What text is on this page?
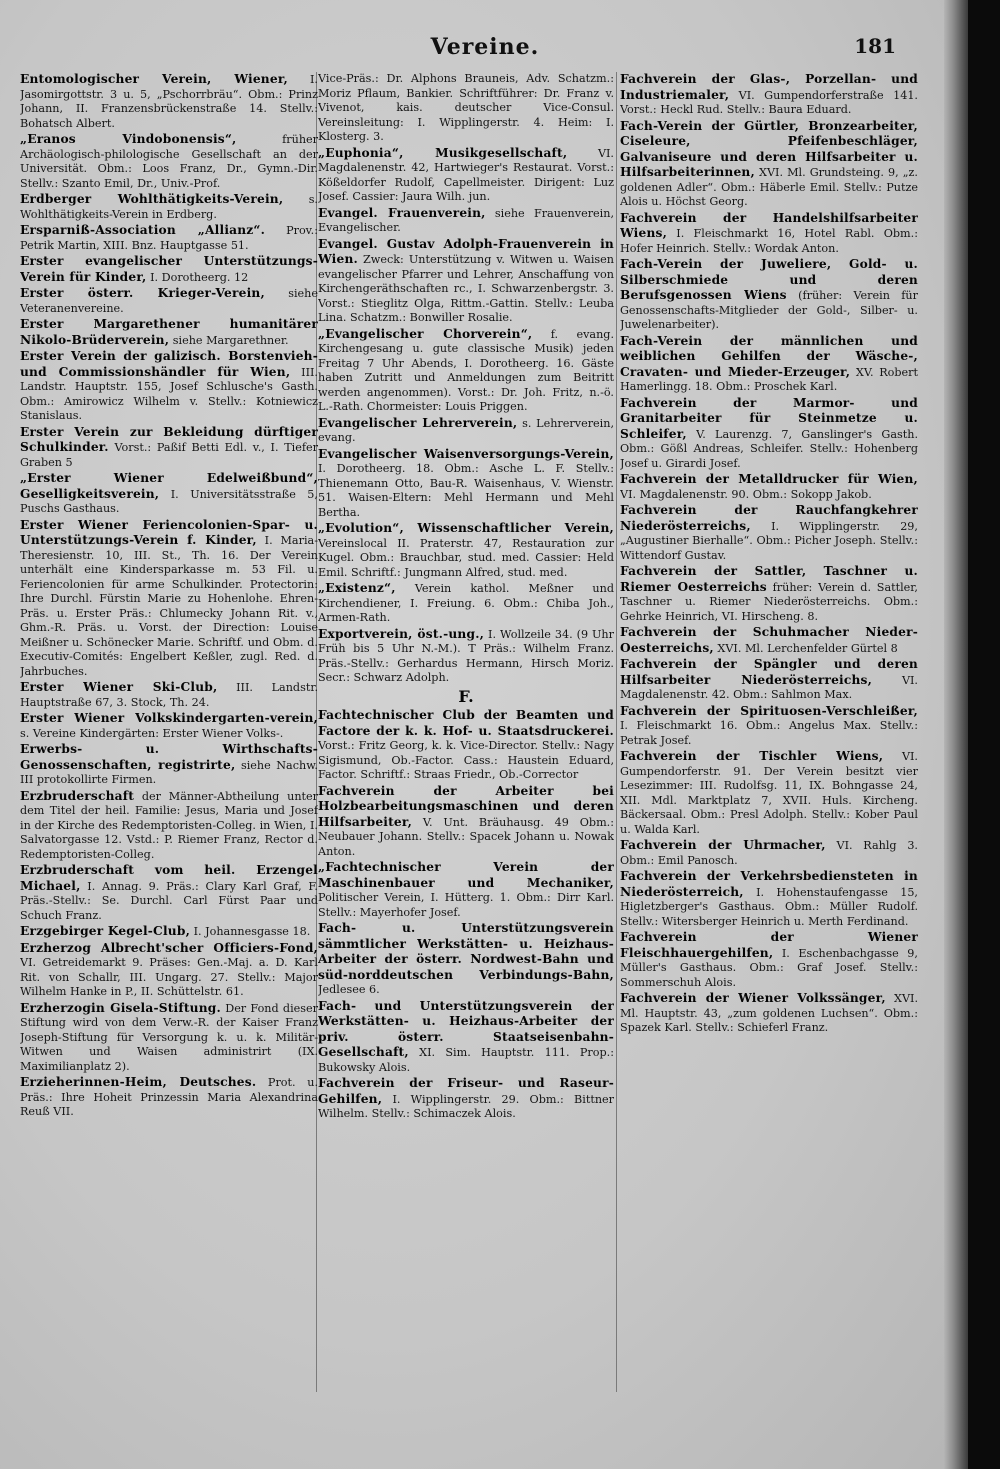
Vereine.	181
Entomologischer Verein, Wiener, I. Jasomirgottstr. 3 u. 5, „Pschorrbräu“. Obm.: Prinz Johann, II. Franzensbrückenstraße 14. Stellv.: Bohatsch Albert.
„Eranos Vindobonensis“,	früher Archäologisch-philologische Gesellschaft an der Universität. Obm.: Loos Franz, Dr., Gymn.-Dir. Stellv.: Szanto Emil, Dr., Univ.-Prof.
Erdberger Wohlthätigkeits-Verein, s. Wohlthätigkeits-Verein in Erdberg.
Ersparniß-Association „Allianz“. Prov.: Petrik Martin, XIII. Bnz. Hauptgasse 51.
Erster evangelischer Unterstützungs-Verein für Kinder, I. Dorotheerg. 12
Erster österr. Krieger-Verein, siehe Veteranenvereine.
Erster Margarethener humanitärer Nikolo-Brüderverein, siehe Margarethner.
Erster Verein der galizisch. Borstenvieh- und Commissionshändler für Wien, III. Landstr. Hauptstr. 155, Josef Schlusche's Gasth. Obm.: Amirowicz Wilhelm v. Stellv.: Kotniewicz Stanislaus.
Erster Verein zur Bekleidung dürftiger Schulkinder. Vorst.: Paßif Betti Edl. v., I. Tiefer Graben 5
„Erster Wiener Edelweißbund“, Geselligkeitsverein, I. Universitätsstraße 5, Puschs Gasthaus.
Erster Wiener Feriencolonien-Spar- u. Unterstützungs-Verein f. Kinder, I. Maria-Theresienstr. 10, III. St., Th. 16. Der Verein unterhält eine Kindersparkasse m. 53 Fil. u. Feriencolonien für arme Schulkinder. Protectorin: Ihre Durchl. Fürstin Marie zu Hohenlohe. Ehren-Präs. u. Erster Präs.: Chlumecky Johann Rit. v., Ghm.-R. Präs. u. Vorst. der Direction: Louise Meißner u. Schönecker Marie. Schriftf. und Obm. d. Executiv-Comités: Engelbert Keßler, zugl. Red. d. Jahrbuches.
Erster Wiener Ski-Club, III. Landstr. Hauptstraße 67, 3. Stock, Th. 24.
Erster Wiener Volkskindergarten-verein, s. Vereine Kindergärten: Erster Wiener Volks-.
Erwerbs- u. Wirthschafts-Genossenschaften, registrirte, siehe Nachw. III protokollirte Firmen.
Erzbruderschaft der Männer-Abtheilung unter dem Titel der heil. Familie: Jesus, Maria und Josef in der Kirche des Redemptoristen-Colleg. in Wien, I. Salvatorgasse 12. Vstd.: P. Riemer Franz, Rector d. Redemptoristen-Colleg.
Erzbruderschaft vom heil. Erzengel Michael, I. Annag. 9. Präs.: Clary Karl Graf, F. Präs.-Stellv.: Se. Durchl. Carl Fürst Paar und Schuch Franz.
Erzgebirger Kegel-Club, I. Johannesgasse 18.
Erzherzog Albrecht'scher Officiers-Fond, VI. Getreidemarkt 9. Präses: Gen.-Maj. a. D. Karl Rit. von Schallr, III. Ungarg. 27. Stellv.: Major Wilhelm Hanke in P., II. Schüttelstr. 61.
Erzherzogin Gisela-Stiftung. Der Fond dieser Stiftung wird von dem Verw.-R. der Kaiser Franz Joseph-Stiftung für Versorgung k. u. k. Militär-Witwen und Waisen administrirt (IX. Maximilianplatz 2).
Erzieherinnen-Heim, Deutsches. Prot. u. Präs.: Ihre Hoheit Prinzessin Maria Alexandrina Reuß VII.
Vice-Präs.: Dr. Alphons Brauneis, Adv. Schatzm.: Moriz Pflaum, Bankier. Schriftführer: Dr. Franz v. Vivenot, kais. deutscher Vice-Consul. Vereinsleitung: I. Wipplingerstr. 4. Heim: I. Klosterg. 3.
„Euphonia“, Musikgesellschaft,	VI. Magdalenenstr. 42, Hartwieger's Restaurat. Vorst.: Kößeldorfer Rudolf, Capellmeister. Dirigent: Luz Josef. Cassier: Jaura Wilh. jun.
Evangel. Frauenverein, siehe Frauenverein, Evangelischer.
Evangel. Gustav Adolph-Frauenverein in Wien. Zweck: Unterstützung v. Witwen u. Waisen evangelischer Pfarrer und Lehrer, Anschaffung von Kirchengeräthschaften rc., I. Schwarzenbergstr. 3. Vorst.: Stieglitz Olga, Rittm.-Gattin. Stellv.: Leuba Lina. Schatzm.: Bonwiller Rosalie.
„Evangelischer Chorverein“, f. evang. Kirchengesang u. gute classische Musik) jeden Freitag 7 Uhr Abends, I. Dorotheerg. 16. Gäste haben Zutritt und Anmeldungen zum Beitritt werden angenommen). Vorst.: Dr. Joh. Fritz, n.-ö. L.-Rath. Chormeister: Louis Priggen.
Evangelischer Lehrerverein, s. Lehrerverein, evang.
Evangelischer Waisenversorgungs-Verein, I. Dorotheerg. 18. Obm.: Asche L. F. Stellv.: Thienemann Otto, Bau-R. Waisenhaus, V. Wienstr. 51. Waisen-Eltern: Mehl Hermann und Mehl Bertha.
„Evolution“, Wissenschaftlicher Verein, Vereinslocal II. Praterstr. 47, Restauration zur Kugel. Obm.: Brauchbar, stud. med. Cassier: Held Emil. Schriftf.: Jungmann Alfred, stud. med.
„Existenz“, Verein kathol. Meßner und Kirchendiener, I. Freiung. 6. Obm.: Chiba Joh., Armen-Rath.
Exportverein, öst.-ung., I. Wollzeile 34. (9 Uhr Früh bis 5 Uhr N.-M.). T Präs.: Wilhelm Franz. Präs.-Stellv.: Gerhardus Hermann, Hirsch Moriz. Secr.: Schwarz Adolph.
F.
Fachtechnischer Club der Beamten und Factore der k. k. Hof- u. Staatsdruckerei. Vorst.: Fritz Georg, k. k. Vice-Director. Stellv.: Nagy Sigismund, Ob.-Factor. Cass.: Haustein Eduard, Factor. Schriftf.: Straas Friedr., Ob.-Corrector
Fachverein der Arbeiter bei Holzbearbeitungsmaschinen und deren Hilfsarbeiter, V. Unt. Bräuhausg. 49 Obm.: Neubauer Johann. Stellv.: Spacek Johann u. Nowak Anton.
„Fachtechnischer Verein der Maschinenbauer und Mechaniker, Politischer Verein, I. Hütterg. 1. Obm.: Dirr Karl. Stellv.: Mayerhofer Josef.
Fach- u. Unterstützungsverein sämmtlicher Werkstätten- u. Heizhaus-Arbeiter der österr. Nordwest-Bahn und süd-norddeutschen Verbindungs-Bahn, Jedlesee 6.
Fach- und Unterstützungsverein der Werkstätten- u. Heizhaus-Arbeiter der priv. österr. Staatseisenbahn-Gesellschaft, XI. Sim. Hauptstr. 111. Prop.: Bukowsky Alois.
Fachverein der Friseur- und Raseur-Gehilfen, I. Wipplingerstr. 29. Obm.: Bittner Wilhelm. Stellv.: Schimaczek Alois.
Fachverein der Glas-, Porzellan- und Industriemaler, VI. Gumpendorferstraße 141. Vorst.: Heckl Rud. Stellv.: Baura Eduard.
Fach-Verein der Gürtler, Bronzearbeiter, Ciseleure, Pfeifenbeschläger, Galvaniseure und deren Hilfsarbeiter u. Hilfsarbeiterinnen, XVI. Ml. Grundsteing. 9, „z. goldenen Adler“. Obm.: Häberle Emil. Stellv.: Putze Alois u. Höchst Georg.
Fachverein der Handelshilfsarbeiter Wiens, I. Fleischmarkt 16, Hotel Rabl. Obm.: Hofer Heinrich. Stellv.: Wordak Anton.
Fach-Verein der Juweliere, Gold- u. Silberschmiede und deren Berufsgenossen Wiens (früher: Verein für Genossenschafts-Mitglieder der Gold-, Silber- u. Juwelenarbeiter).
Fach-Verein der männlichen und weiblichen Gehilfen der Wäsche-, Cravaten- und Mieder-Erzeuger, XV. Robert Hamerlingg. 18. Obm.: Proschek Karl.
Fachverein der Marmor- und Granitarbeiter für Steinmetze u. Schleifer, V. Laurenzg. 7, Ganslinger's Gasth. Obm.: Gößl Andreas, Schleifer. Stellv.: Hohenberg Josef u. Girardi Josef.
Fachverein der Metalldrucker für Wien, VI. Magdalenenstr. 90. Obm.: Sokopp Jakob.
Fachverein der Rauchfangkehrer Niederösterreichs, I. Wipplingerstr. 29, „Augustiner Bierhalle“. Obm.: Picher Joseph. Stellv.: Wittendorf Gustav.
Fachverein der Sattler, Taschner u. Riemer Oesterreichs früher: Verein d. Sattler, Taschner u. Riemer Niederösterreichs. Obm.: Gehrke Heinrich, VI. Hirscheng. 8.
Fachverein der Schuhmacher Nieder-Oesterreichs, XVI. Ml. Lerchenfelder Gürtel 8
Fachverein der Spängler und deren Hilfsarbeiter Niederösterreichs,	VI. Magdalenenstr. 42. Obm.: Sahlmon Max.
Fachverein der Spirituosen-Verschleißer, I. Fleischmarkt 16. Obm.: Angelus Max. Stellv.: Petrak Josef.
Fachverein der Tischler Wiens, VI. Gumpendorferstr. 91. Der Verein besitzt vier Lesezimmer: III. Rudolfsg. 11, IX. Bohngasse 24, XII. Mdl. Marktplatz 7, XVII. Huls. Kircheng. Bäckersaal. Obm.: Presl Adolph. Stellv.: Kober Paul u. Walda Karl.
Fachverein der Uhrmacher, VI. Rahlg 3. Obm.: Emil Panosch.
Fachverein der Verkehrsbediensteten in Niederösterreich, I. Hohenstaufengasse 15, Higletzberger's Gasthaus. Obm.: Müller Rudolf. Stellv.: Witersberger Heinrich u. Merth Ferdinand.
Fachverein der Wiener Fleischhauergehilfen, I. Eschenbachgasse 9, Müller's Gasthaus. Obm.: Graf Josef. Stellv.: Sommerschuh Alois.
Fachverein der Wiener Volkssänger, XVI. Ml. Hauptstr. 43, „zum goldenen Luchsen“. Obm.: Spazek Karl. Stellv.: Schieferl Franz.
